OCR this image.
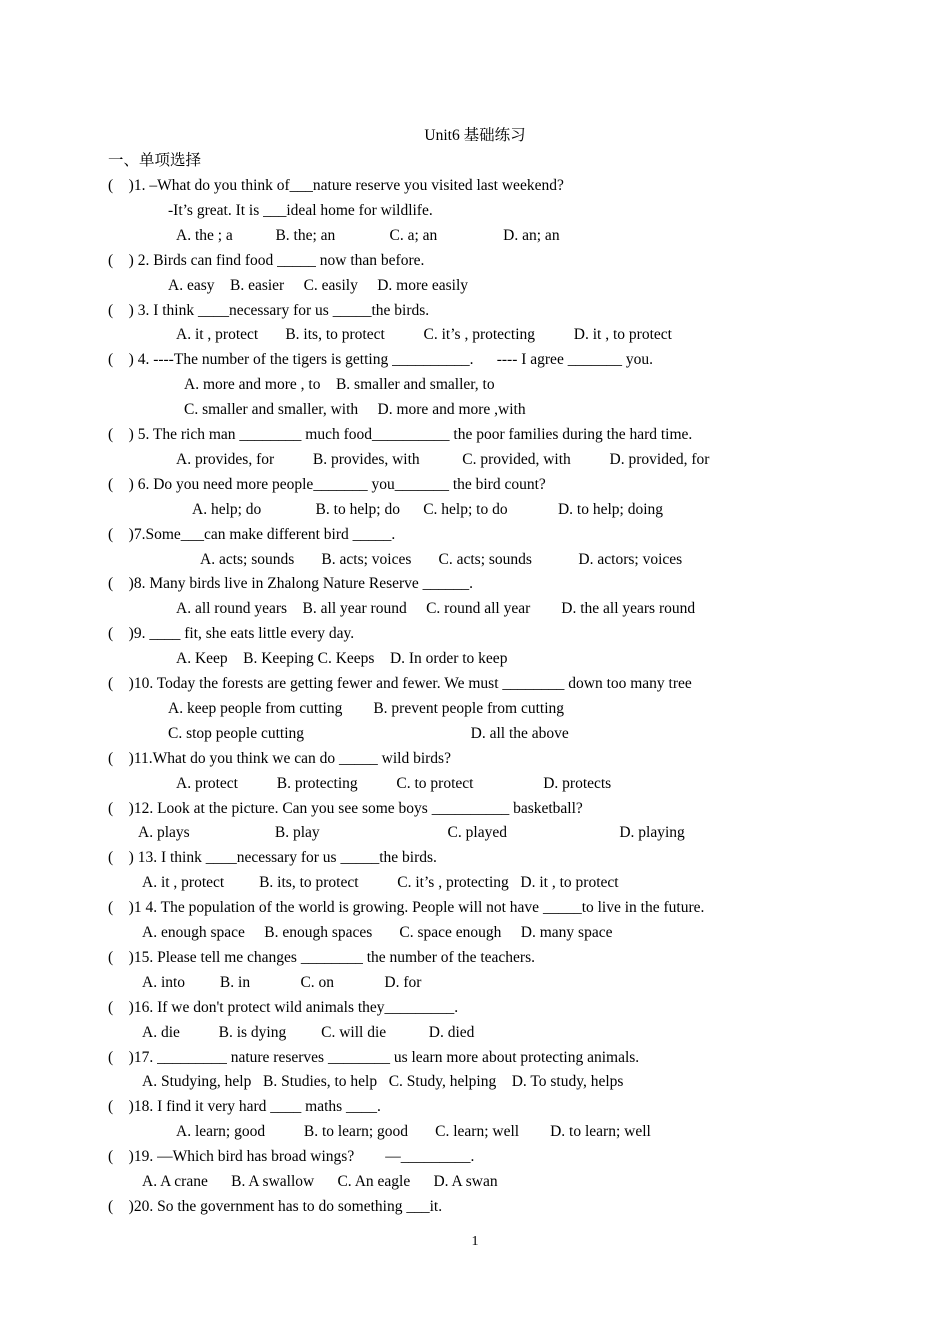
Unit6 基础练习
一、单项选择
(    )1. –What do you think of___nature reserve you visited last weekend?
-It’s great. It is ___ideal home for wildlife.
A. the ; a           B. the; an              C. a; an                 D. an; an
(    ) 2. Birds can find food _____ now than before.
A. easy    B. easier     C. easily     D. more easily
(    ) 3. I think ____necessary for us _____the birds.
A. it , protect       B. its, to protect          C. it’s , protecting          D. it , to protect
(    ) 4. ----The number of the tigers is getting __________.      ---- I agree _______ you.
A. more and more , to    B. smaller and smaller, to
C. smaller and smaller, with     D. more and more ,with
(    ) 5. The rich man ________ much food__________ the poor families during the hard time.
A. provides, for          B. provides, with           C. provided, with          D. provided, for
(    ) 6. Do you need more people_______ you_______ the bird count?
A. help; do              B. to help; do      C. help; to do             D. to help; doing
(    )7.Some___can make different bird _____.
A. acts; sounds       B. acts; voices       C. acts; sounds            D. actors; voices
(    )8. Many birds live in Zhalong Nature Reserve ______.
A. all round years    B. all year round     C. round all year        D. the all years round
(    )9. ____ fit, she eats little every day.
A. Keep    B. Keeping C. Keeps    D. In order to keep
(    )10. Today the forests are getting fewer and fewer. We must ________ down too many tree
A. keep people from cutting        B. prevent people from cutting
C. stop people cutting                                           D. all the above
(    )11.What do you think we can do _____ wild birds?
A. protect          B. protecting          C. to protect                  D. protects
(    )12. Look at the picture. Can you see some boys __________ basketball?
A. plays                      B. play                                 C. played                             D. playing
(    ) 13. I think ____necessary for us _____the birds.
A. it , protect         B. its, to protect          C. it’s , protecting   D. it , to protect
(    )1 4. The population of the world is growing. People will not have _____to live in the future.
A. enough space     B. enough spaces       C. space enough     D. many space
(    )15. Please tell me changes ________ the number of the teachers.
A. into         B. in             C. on             D. for
(    )16. If we don't protect wild animals they_________.
A. die          B. is dying         C. will die           D. died
(    )17. _________ nature reserves ________ us learn more about protecting animals.
A. Studying, help   B. Studies, to help   C. Study, helping    D. To study, helps
(    )18. I find it very hard ____ maths ____.
A. learn; good          B. to learn; good       C. learn; well        D. to learn; well
(    )19. —Which bird has broad wings?        —_________.
A. A crane      B. A swallow      C. An eagle      D. A swan
(    )20. So the government has to do something ___it.
1
